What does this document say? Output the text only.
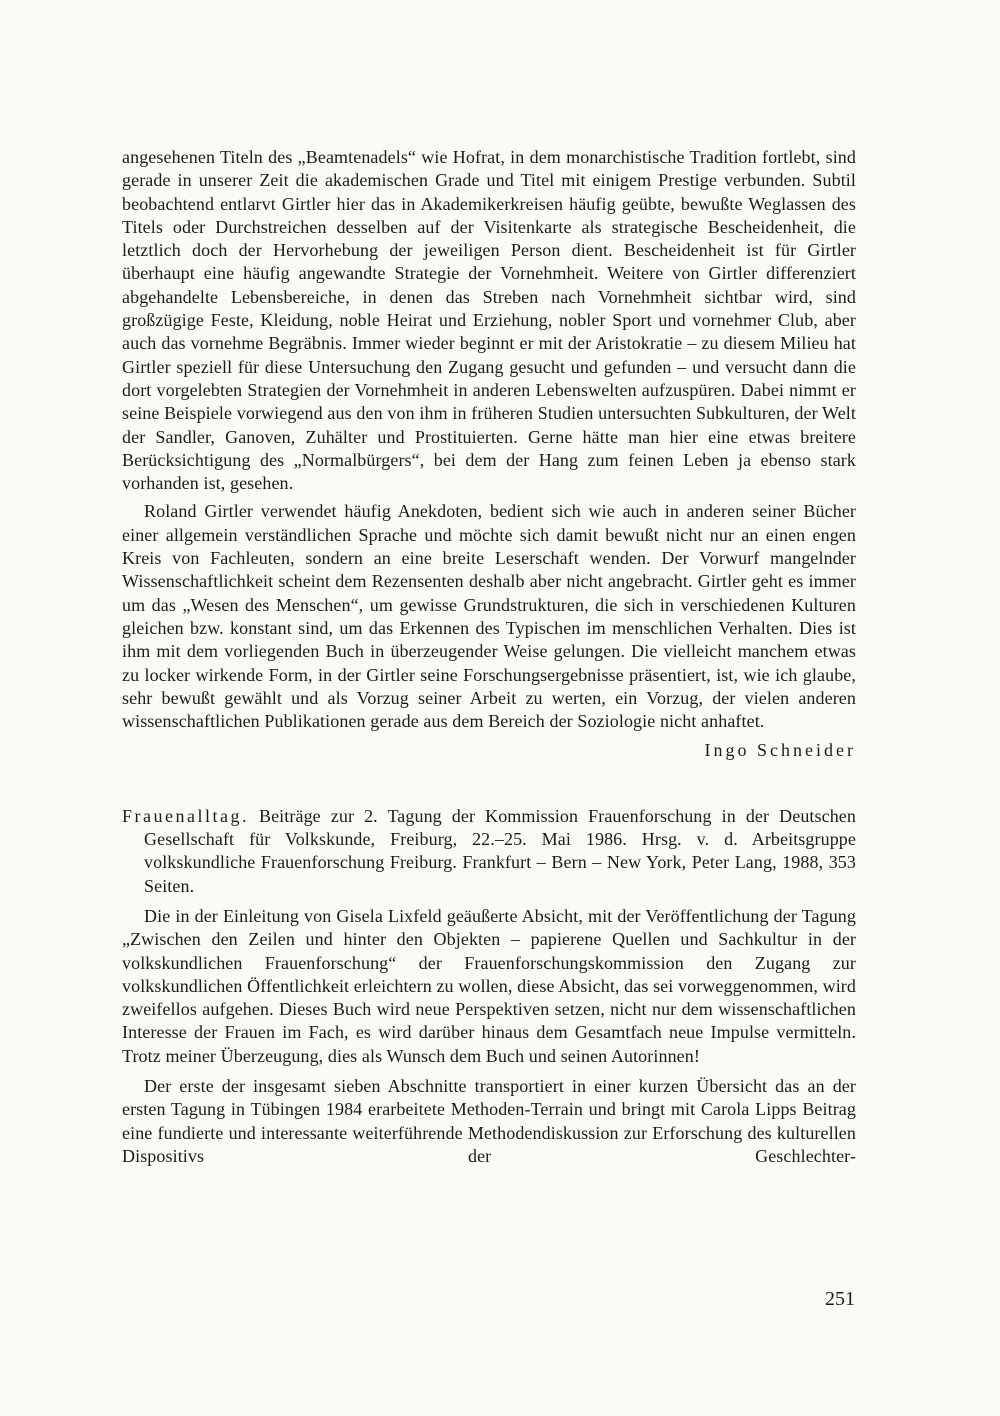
angesehenen Titeln des „Beamtenadels“ wie Hofrat, in dem monarchistische Tradition fortlebt, sind gerade in unserer Zeit die akademischen Grade und Titel mit einigem Prestige verbunden. Subtil beobachtend entlarvt Girtler hier das in Akademikerkreisen häufig geübte, bewußte Weglassen des Titels oder Durchstreichen desselben auf der Visitenkarte als strategische Bescheidenheit, die letztlich doch der Hervorhebung der jeweiligen Person dient. Bescheidenheit ist für Girtler überhaupt eine häufig angewandte Strategie der Vornehmheit. Weitere von Girtler differenziert abgehandelte Lebensbereiche, in denen das Streben nach Vornehmheit sichtbar wird, sind großzügige Feste, Kleidung, noble Heirat und Erziehung, nobler Sport und vornehmer Club, aber auch das vornehme Begräbnis. Immer wieder beginnt er mit der Aristokratie – zu diesem Milieu hat Girtler speziell für diese Untersuchung den Zugang gesucht und gefunden – und versucht dann die dort vorgelebten Strategien der Vornehmheit in anderen Lebenswelten aufzuspüren. Dabei nimmt er seine Beispiele vorwiegend aus den von ihm in früheren Studien untersuchten Subkulturen, der Welt der Sandler, Ganoven, Zuhälter und Prostituierten. Gerne hätte man hier eine etwas breitere Berücksichtigung des „Normalbürgers“, bei dem der Hang zum feinen Leben ja ebenso stark vorhanden ist, gesehen.

Roland Girtler verwendet häufig Anekdoten, bedient sich wie auch in anderen seiner Bücher einer allgemein verständlichen Sprache und möchte sich damit bewußt nicht nur an einen engen Kreis von Fachleuten, sondern an eine breite Leserschaft wenden. Der Vorwurf mangelnder Wissenschaftlichkeit scheint dem Rezensenten deshalb aber nicht angebracht. Girtler geht es immer um das „Wesen des Menschen“, um gewisse Grundstrukturen, die sich in verschiedenen Kulturen gleichen bzw. konstant sind, um das Erkennen des Typischen im menschlichen Verhalten. Dies ist ihm mit dem vorliegenden Buch in überzeugender Weise gelungen. Die vielleicht manchem etwas zu locker wirkende Form, in der Girtler seine Forschungsergebnisse präsentiert, ist, wie ich glaube, sehr bewußt gewählt und als Vorzug seiner Arbeit zu werten, ein Vorzug, der vielen anderen wissenschaftlichen Publikationen gerade aus dem Bereich der Soziologie nicht anhaftet.

Ingo Schneider

Frauenalltag. Beiträge zur 2. Tagung der Kommission Frauenforschung in der Deutschen Gesellschaft für Volkskunde, Freiburg, 22.–25. Mai 1986. Hrsg. v. d. Arbeitsgruppe volkskundliche Frauenforschung Freiburg. Frankfurt – Bern – New York, Peter Lang, 1988, 353 Seiten.

Die in der Einleitung von Gisela Lixfeld geäußerte Absicht, mit der Veröffentlichung der Tagung „Zwischen den Zeilen und hinter den Objekten – papierene Quellen und Sachkultur in der volkskundlichen Frauenforschung“ der Frauenforschungskommission den Zugang zur volkskundlichen Öffentlichkeit erleichtern zu wollen, diese Absicht, das sei vorweggenommen, wird zweifellos aufgehen. Dieses Buch wird neue Perspektiven setzen, nicht nur dem wissenschaftlichen Interesse der Frauen im Fach, es wird darüber hinaus dem Gesamtfach neue Impulse vermitteln. Trotz meiner Überzeugung, dies als Wunsch dem Buch und seinen Autorinnen!

Der erste der insgesamt sieben Abschnitte transportiert in einer kurzen Übersicht das an der ersten Tagung in Tübingen 1984 erarbeitete Methoden-Terrain und bringt mit Carola Lipps Beitrag eine fundierte und interessante weiterführende Methodendiskussion zur Erforschung des kulturellen Dispositivs der Geschlechter-

251
